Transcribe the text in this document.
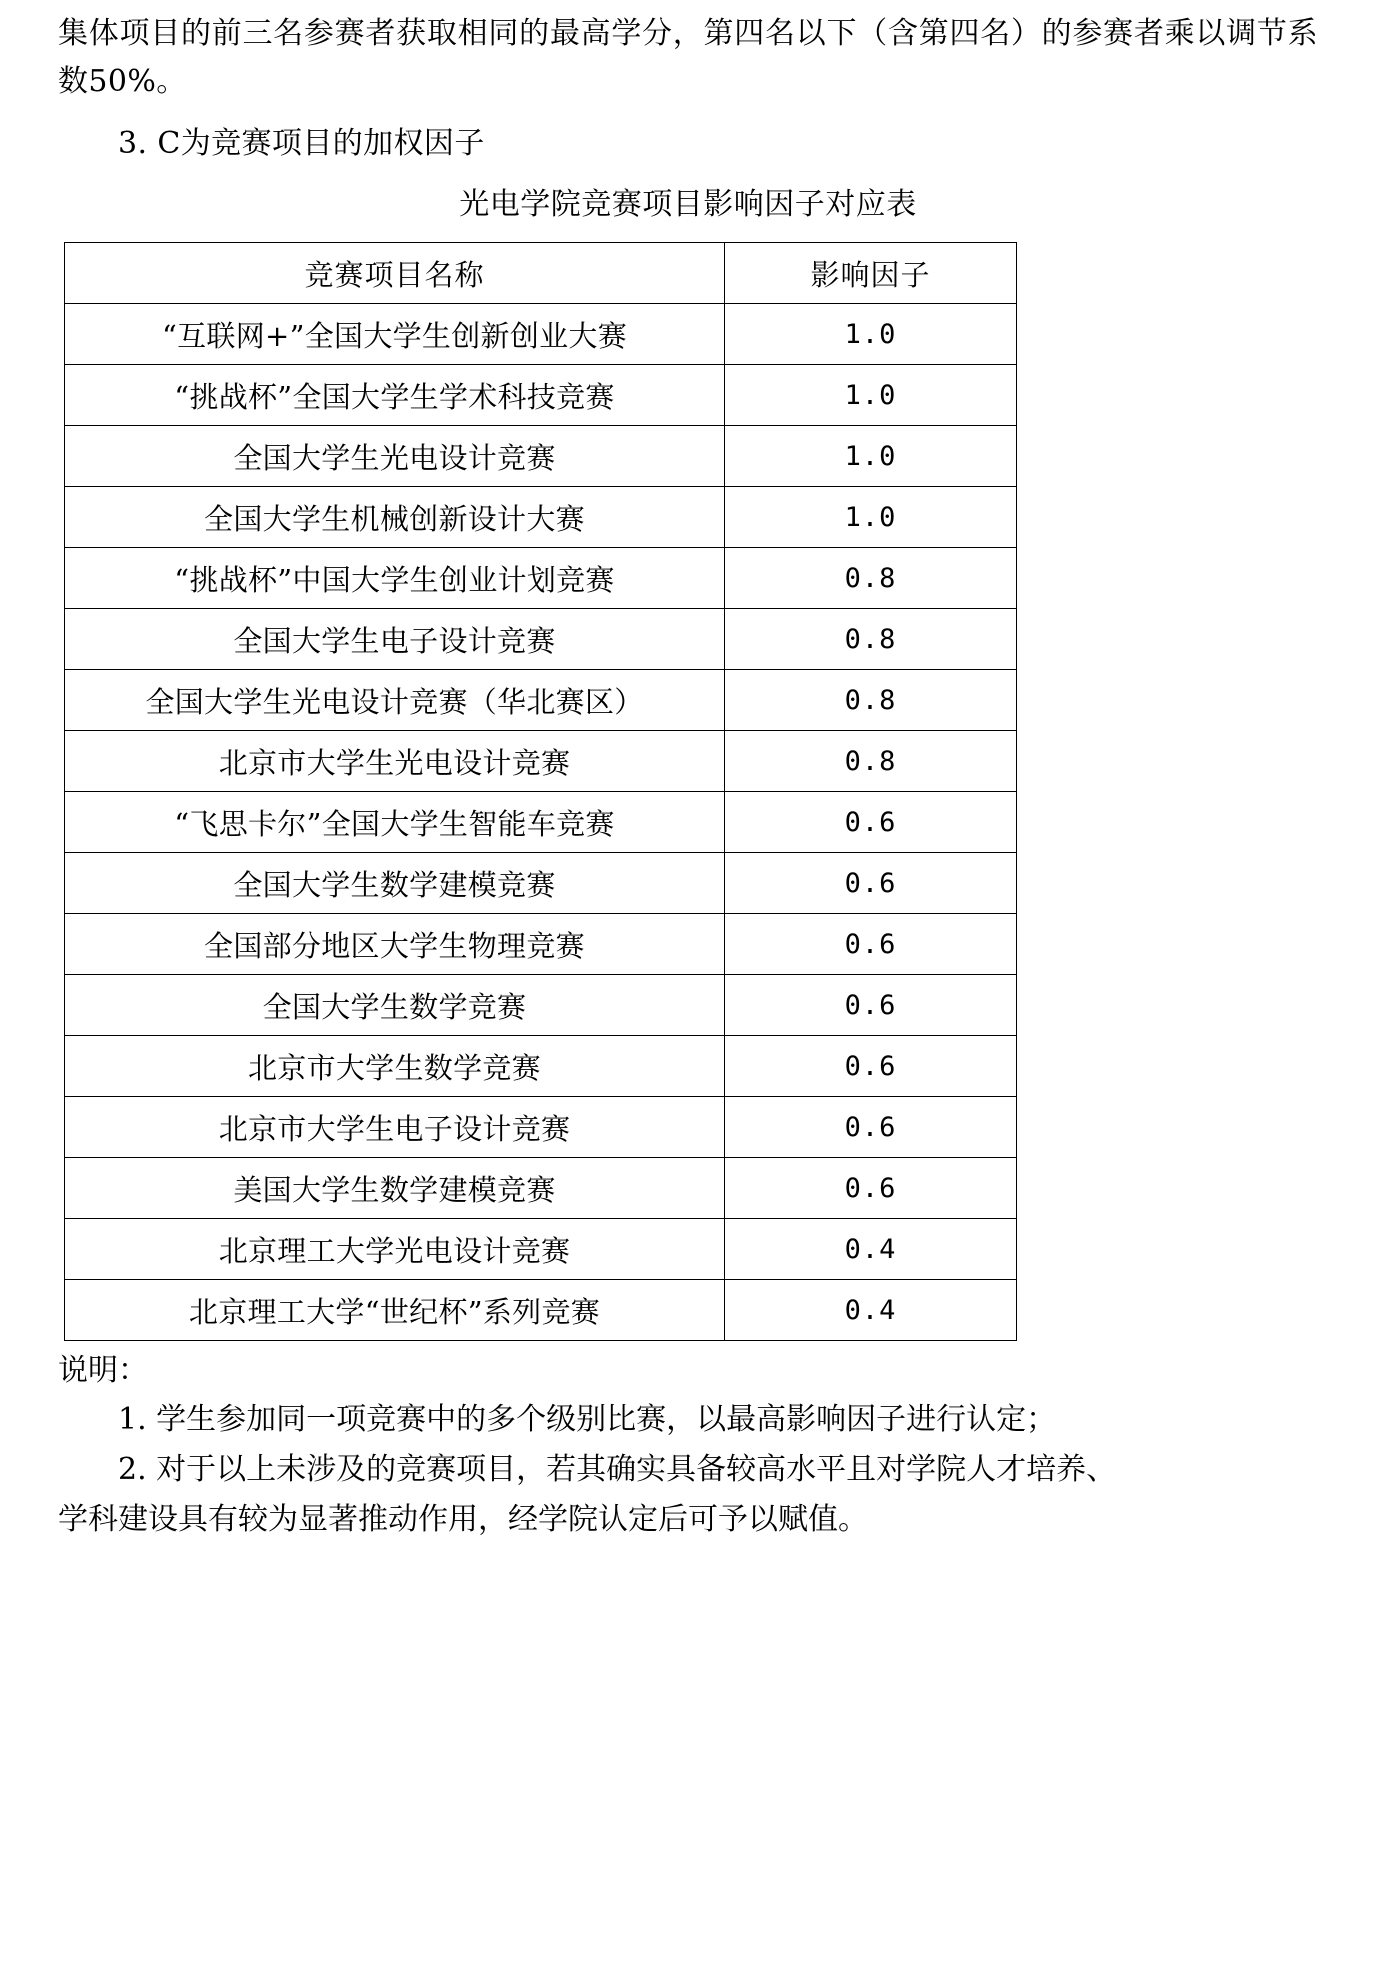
集体项目的前三名参赛者获取相同的最高学分，第四名以下（含第四名）的参赛者乘以调节系数50%。

3. C为竞赛项目的加权因子

光电学院竞赛项目影响因子对应表

竞赛项目名称	影响因子
“互联网+”全国大学生创新创业大赛	1.0
“挑战杯”全国大学生学术科技竞赛	1.0
全国大学生光电设计竞赛	1.0
全国大学生机械创新设计大赛	1.0
“挑战杯”中国大学生创业计划竞赛	0.8
全国大学生电子设计竞赛	0.8
全国大学生光电设计竞赛（华北赛区）	0.8
北京市大学生光电设计竞赛	0.8
“飞思卡尔”全国大学生智能车竞赛	0.6
全国大学生数学建模竞赛	0.6
全国部分地区大学生物理竞赛	0.6
全国大学生数学竞赛	0.6
北京市大学生数学竞赛	0.6
北京市大学生电子设计竞赛	0.6
美国大学生数学建模竞赛	0.6
北京理工大学光电设计竞赛	0.4
北京理工大学“世纪杯”系列竞赛	0.4

说明：

1. 学生参加同一项竞赛中的多个级别比赛，以最高影响因子进行认定；

2. 对于以上未涉及的竞赛项目，若其确实具备较高水平且对学院人才培养、

学科建设具有较为显著推动作用，经学院认定后可予以赋值。
